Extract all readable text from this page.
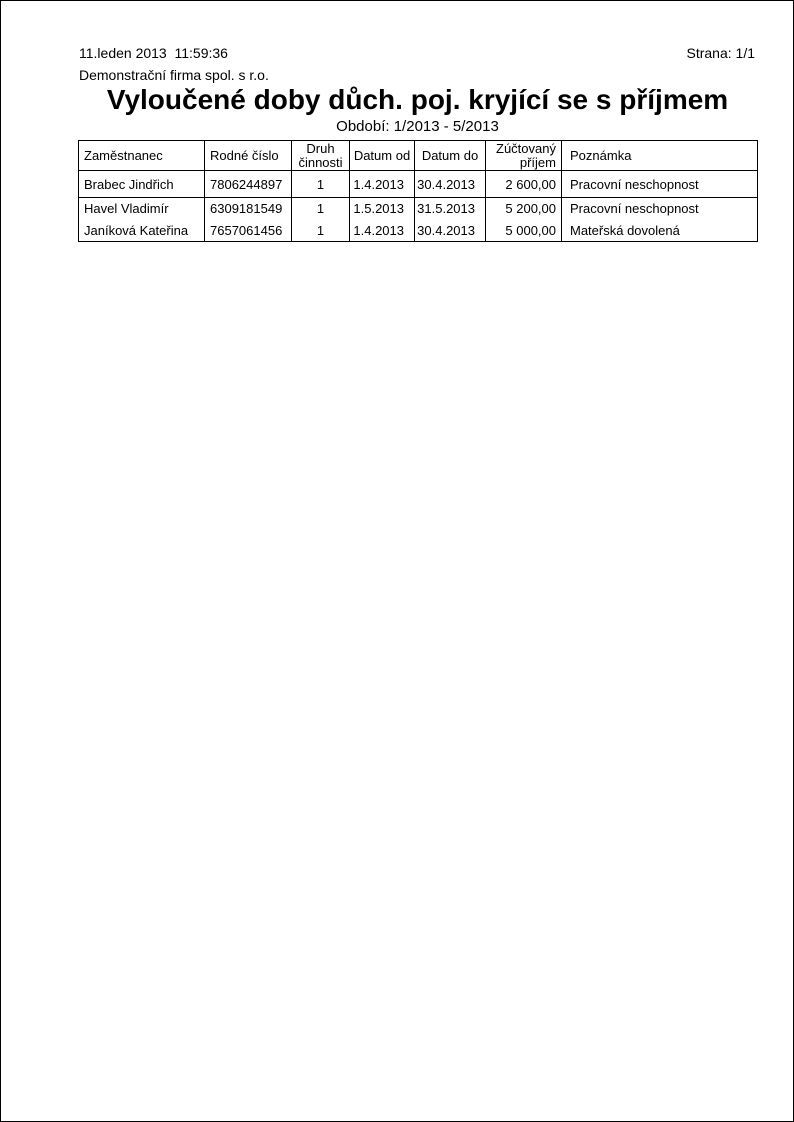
11.leden 2013  11:59:36	Strana: 1/1
Demonstrační firma spol. s r.o.
Vyloučené doby důch. poj. kryjící se s příjmem
Období: 1/2013 - 5/2013
Zaměstnanec	Rodné číslo	Druh činnosti	Datum od	Datum do	Zúčtovaný příjem	Poznámka
Brabec Jindřich	7806244897	1	1.4.2013	30.4.2013	2 600,00	Pracovní neschopnost
Havel Vladimír	6309181549	1	1.5.2013	31.5.2013	5 200,00	Pracovní neschopnost
Janíková Kateřina	7657061456	1	1.4.2013	30.4.2013	5 000,00	Mateřská dovolená
